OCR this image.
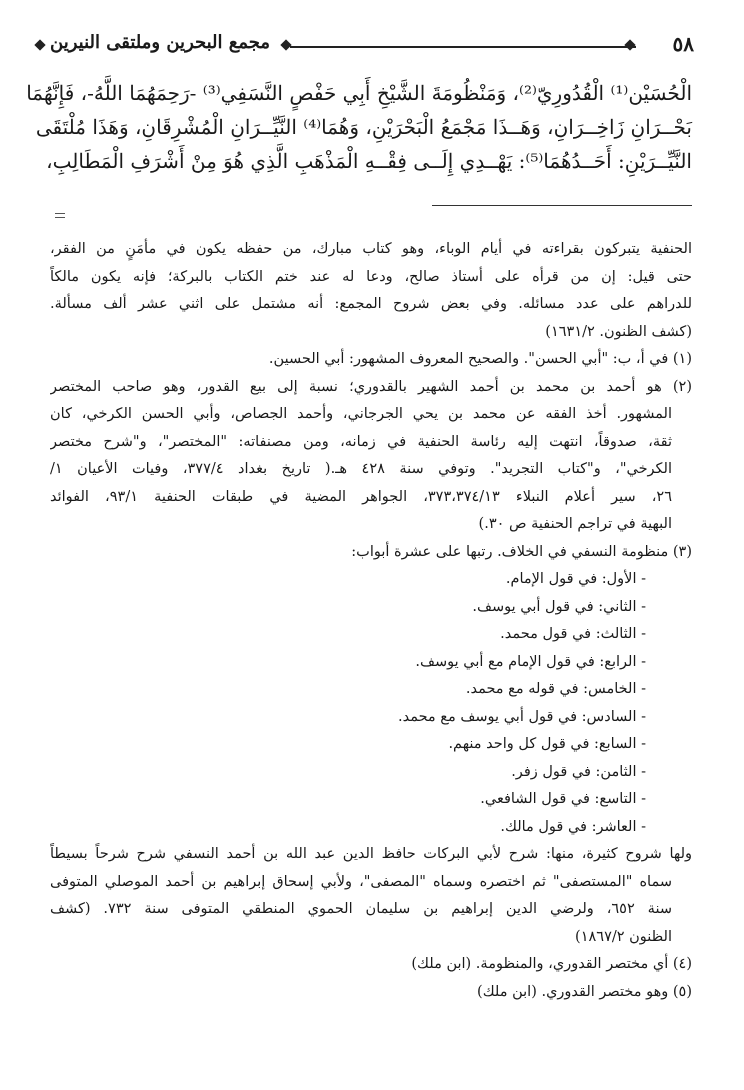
٥٨
مجمع البحرين وملتقى النيرين
الْحُسَيْن⁽¹⁾ الْقُدُورِيّ⁽²⁾، وَمَنْظُومَةَ الشَّيْخِ أَبِي حَفْصٍ النَّسَفِي⁽³⁾ -رَحِمَهُمَا اللَّهُ-، فَإِنَّهُمَا
بَحْــرَانِ زَاخِــرَانِ، وَهَــذَا مَجْمَعُ الْبَحْرَيْنِ، وَهُمَا⁽⁴⁾ النَّيِّــرَانِ الْمُشْرِقَانِ، وَهَذَا مُلْتَقَى
النَّيِّــرَيْنِ: أَحَــدُهُمَا⁽⁵⁾: يَهْــدِي إِلَــى فِقْــهِ الْمَذْهَبِ الَّذِي هُوَ مِنْ أَشْرَفِ الْمَطَالِبِ،
الحنفية يتبركون بقراءته في أيام الوباء، وهو كتاب مبارك، من حفظه يكون في مأمَنٍ من الفقر،
حتى قيل: إن من قرأه على أستاذ صالح، ودعا له عند ختم الكتاب بالبركة؛ فإنه يكون مالكاً
للدراهم على عدد مسائله. وفي بعض شروح المجمع: أنه مشتمل على اثني عشر ألف مسألة.
(كشف الظنون. ١٦٣١/٢)
(١) في أ، ب: "أبي الحسن". والصحيح المعروف المشهور: أبي الحسين.
(٢) هو أحمد بن محمد بن أحمد الشهير بالقدوري؛ نسبة إلى بيع القدور، وهو صاحب المختصر
المشهور. أخذ الفقه عن محمد بن يحي الجرجاني، وأحمد الجصاص، وأبي الحسن الكرخي، كان
ثقة، صدوقاً، انتهت إليه رئاسة الحنفية في زمانه، ومن مصنفاته: "المختصر"، و"شرح مختصر
الكرخي"، و"كتاب التجريد". وتوفي سنة ٤٢٨ هـ.( تاريخ بغداد ٣٧٧/٤، وفيات الأعيان ١/
٢٦، سير أعلام النبلاء ٣٧٣،٣٧٤/١٣، الجواهر المضية في طبقات الحنفية ٩٣/١، الفوائد
البهية في تراجم الحنفية ص ٣٠.)
(٣) منظومة النسفي في الخلاف. رتبها على عشرة أبواب:
- الأول: في قول الإمام.
- الثاني: في قول أبي يوسف.
- الثالث: في قول محمد.
- الرابع: في قول الإمام مع أبي يوسف.
- الخامس: في قوله مع محمد.
- السادس: في قول أبي يوسف مع محمد.
- السابع: في قول كل واحد منهم.
- الثامن: في قول زفر.
- التاسع: في قول الشافعي.
- العاشر: في قول مالك.
ولها شروح كثيرة، منها: شرح لأبي البركات حافظ الدين عبد الله بن أحمد النسفي شرح شرحاً بسيطاً
سماه "المستصفى" ثم اختصره وسماه "المصفى"، ولأبي إسحاق إبراهيم بن أحمد الموصلي المتوفى
سنة ٦٥٢، ولرضي الدين إبراهيم بن سليمان الحموي المنطقي المتوفى سنة ٧٣٢. (كشف
الظنون ١٨٦٧/٢)
(٤) أي مختصر القدوري، والمنظومة. (ابن ملك)
(٥) وهو مختصر القدوري. (ابن ملك)
